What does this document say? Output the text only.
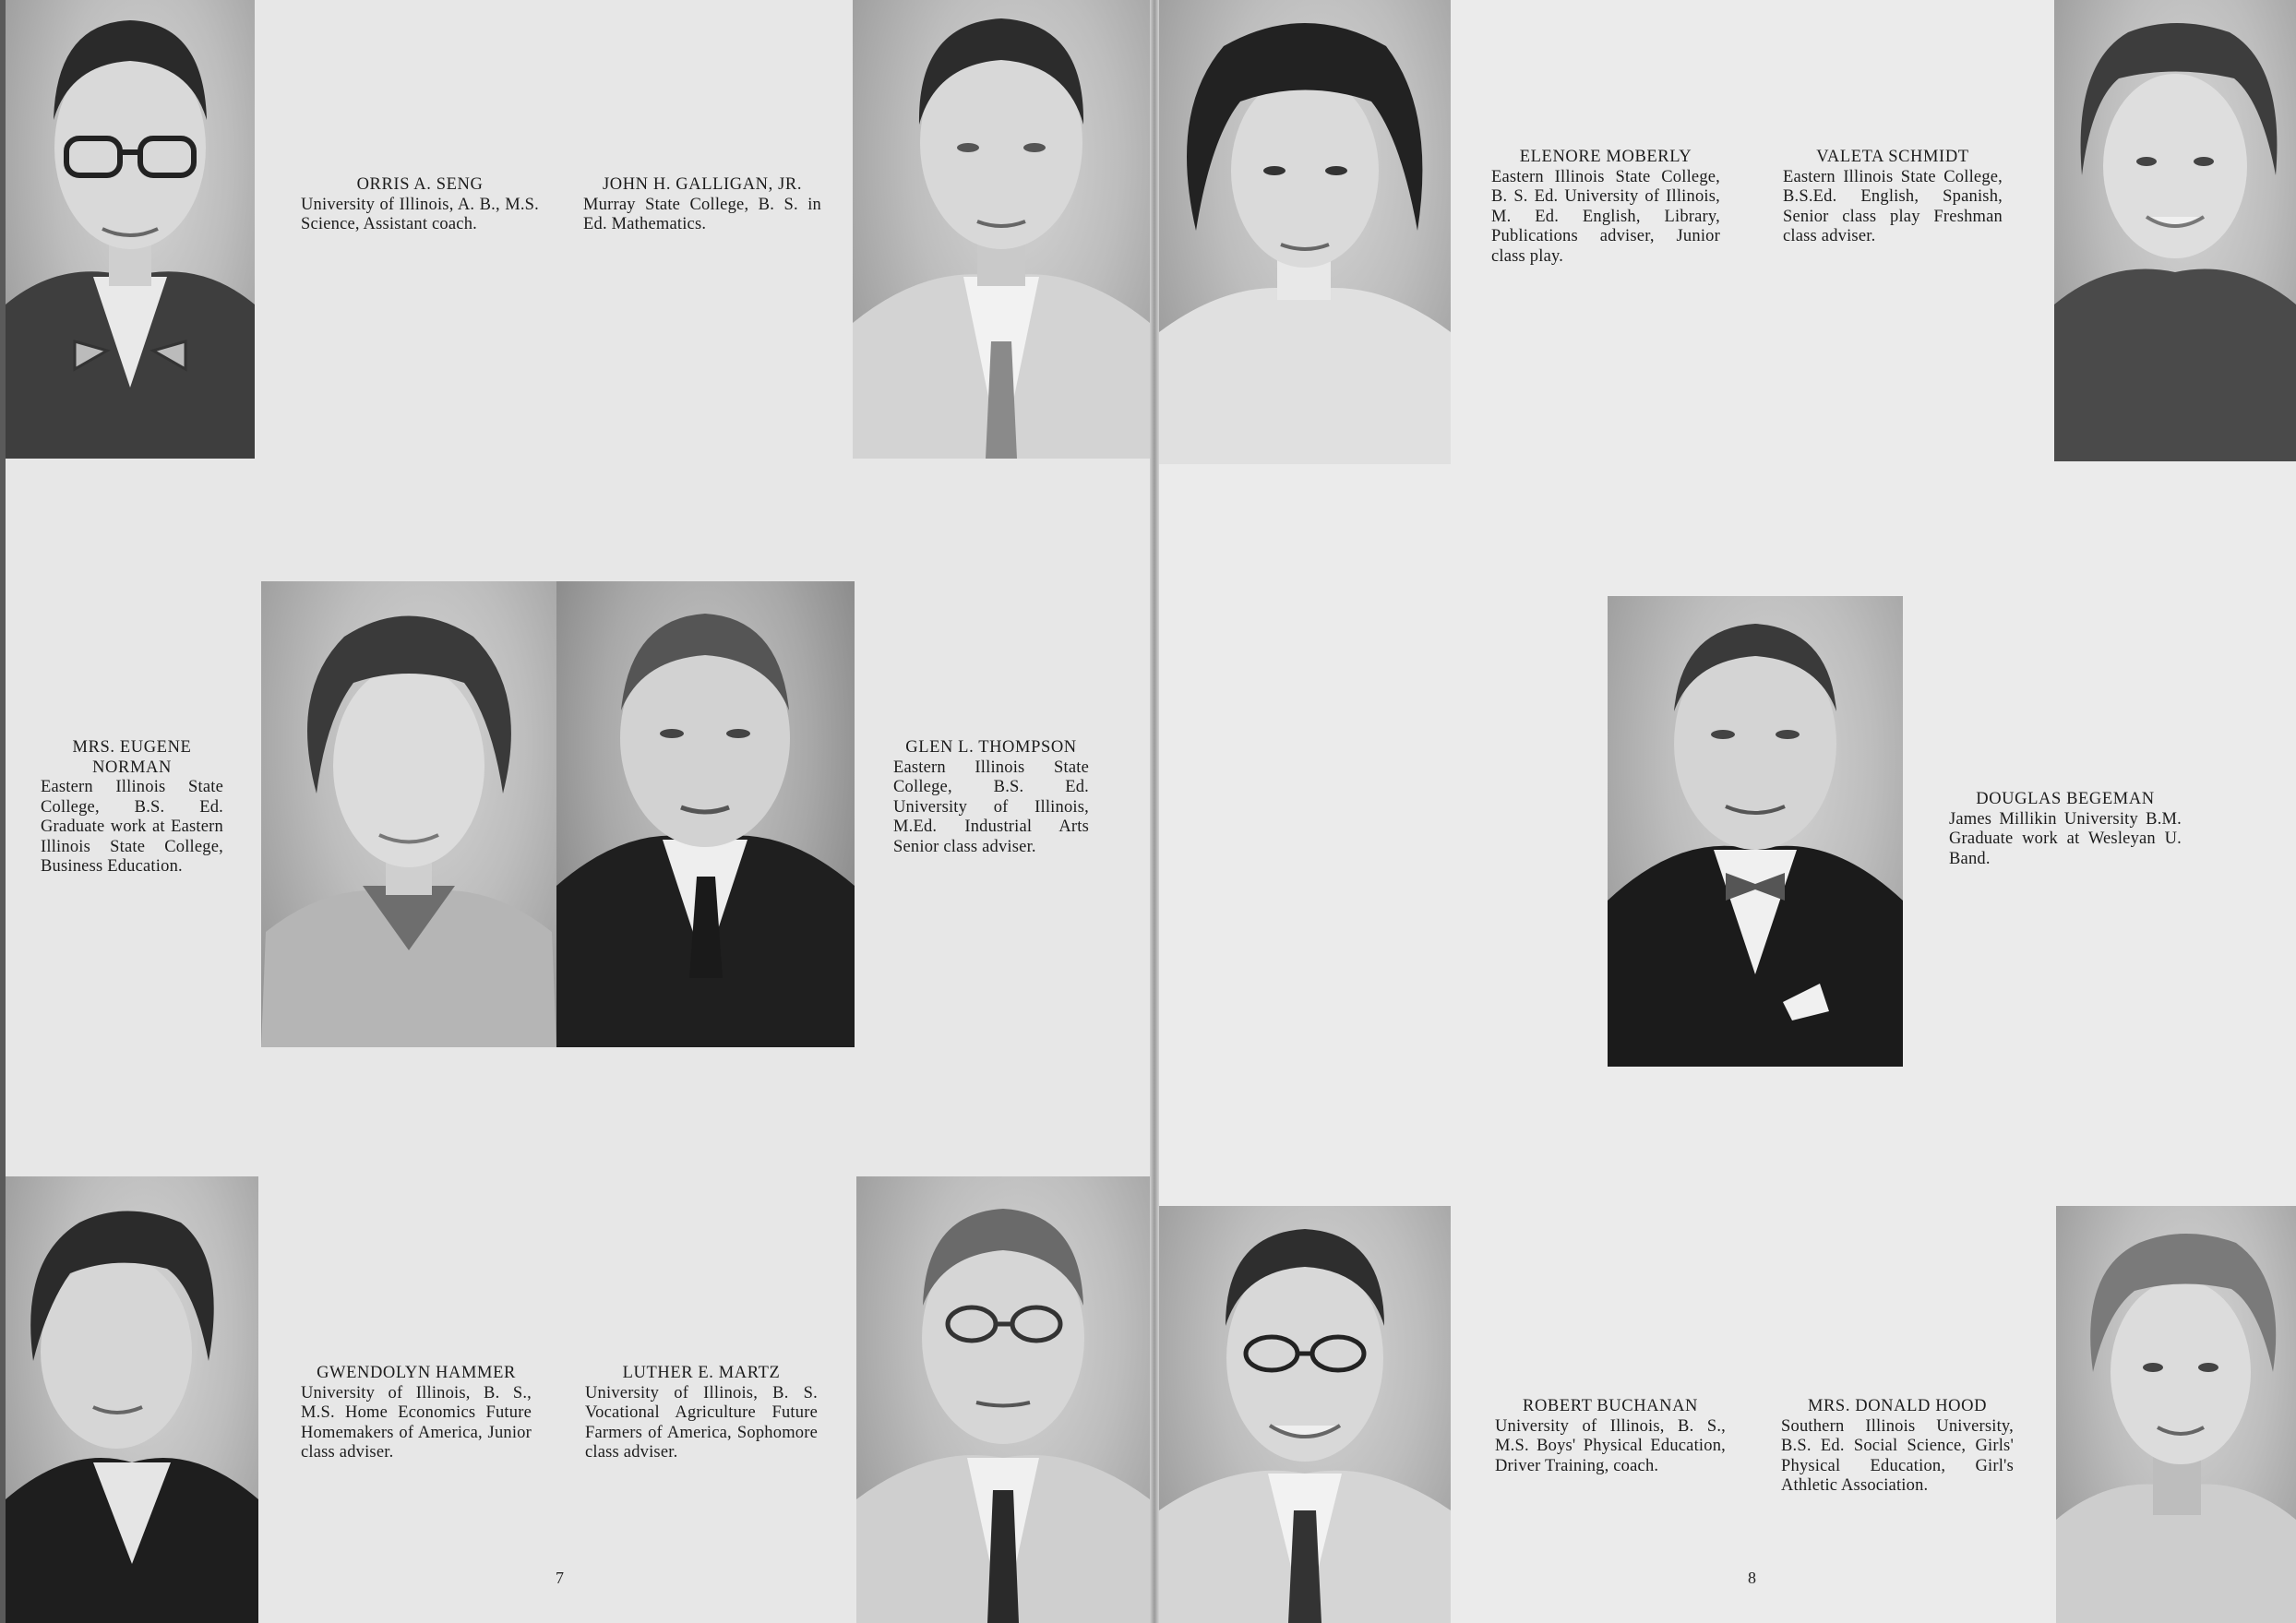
ORRIS A. SENG
University of Illinois, A. B., M.S. Science, Assistant coach.
JOHN H. GALLIGAN, JR.
Murray State College, B. S. in Ed. Mathematics.
MRS. EUGENE NORMAN
Eastern Illinois State College, B.S. Ed. Graduate work at Eastern Illinois State College, Business Education.
GLEN L. THOMPSON
Eastern Illinois State College, B.S. Ed. University of Illinois, M.Ed. Industrial Arts Senior class adviser.
GWENDOLYN HAMMER
University of Illinois, B. S., M.S. Home Economics Future Homemakers of America, Junior class adviser.
LUTHER E. MARTZ
University of Illinois, B. S. Vocational Agriculture Future Farmers of America, Sophomore class adviser.
7
ELENORE MOBERLY
Eastern Illinois State College, B. S. Ed. University of Illinois, M. Ed. English, Library, Publications adviser, Junior class play.
VALETA SCHMIDT
Eastern Illinois State College, B.S.Ed. English, Spanish, Senior class play Freshman class adviser.
DOUGLAS BEGEMAN
James Millikin University B.M. Graduate work at Wesleyan U. Band.
ROBERT BUCHANAN
University of Illinois, B. S., M.S. Boys' Physical Education, Driver Training, coach.
MRS. DONALD HOOD
Southern Illinois University, B.S. Ed. Social Science, Girls' Physical Education, Girl's Athletic Association.
8
